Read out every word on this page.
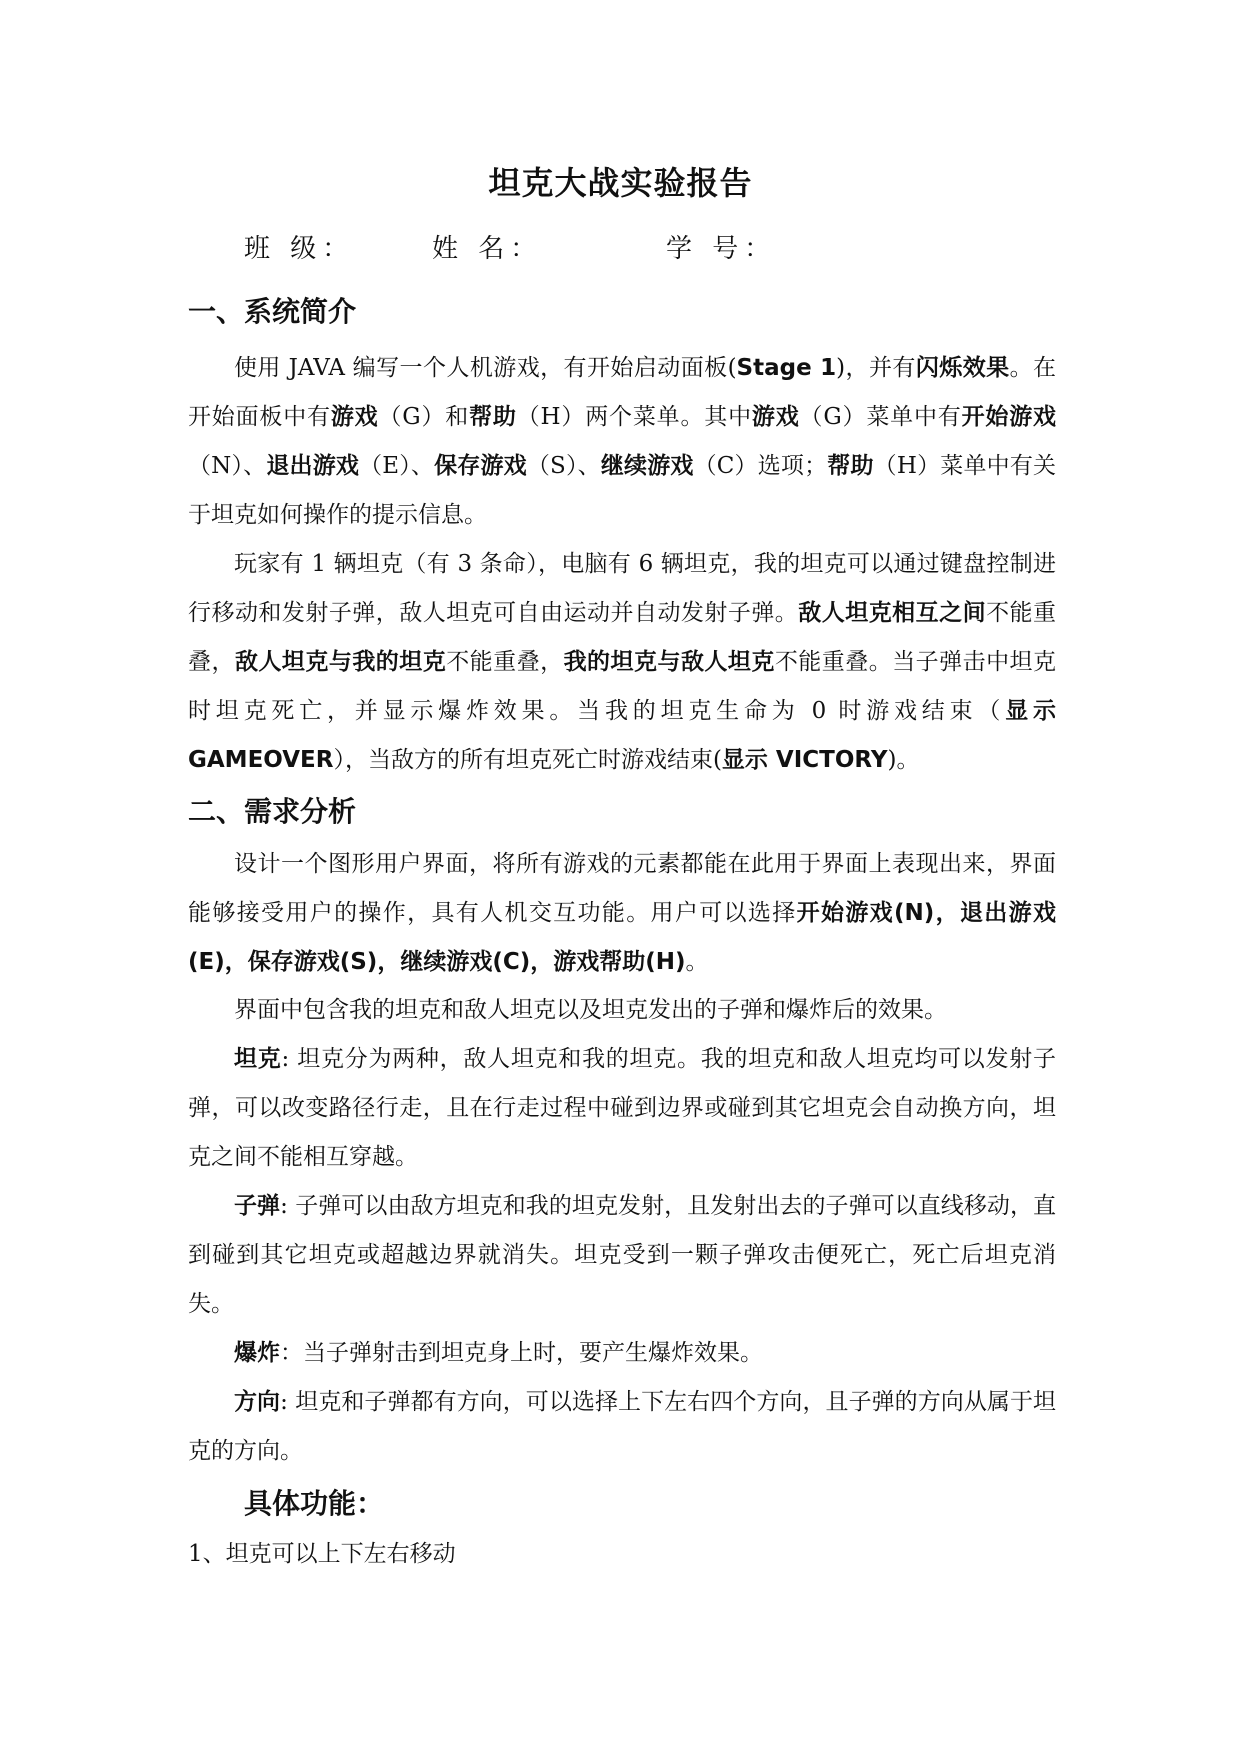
坦克大战实验报告
班 级：	姓 名：	学 号：
一、系统简介

使用 JAVA 编写一个人机游戏，有开始启动面板(Stage 1)，并有闪烁效果。在开始面板中有游戏（G）和帮助（H）两个菜单。其中游戏（G）菜单中有开始游戏（N）、退出游戏（E）、保存游戏（S）、继续游戏（C）选项；帮助（H）菜单中有关于坦克如何操作的提示信息。

玩家有 1 辆坦克（有 3 条命），电脑有 6 辆坦克，我的坦克可以通过键盘控制进行移动和发射子弹，敌人坦克可自由运动并自动发射子弹。敌人坦克相互之间不能重叠，敌人坦克与我的坦克不能重叠，我的坦克与敌人坦克不能重叠。当子弹击中坦克时坦克死亡，并显示爆炸效果。当我的坦克生命为 0 时游戏结束（显示 GAMEOVER），当敌方的所有坦克死亡时游戏结束(显示 VICTORY)。

二、需求分析

设计一个图形用户界面，将所有游戏的元素都能在此用于界面上表现出来，界面能够接受用户的操作，具有人机交互功能。用户可以选择开始游戏(N)，退出游戏(E)，保存游戏(S)，继续游戏(C)，游戏帮助(H)。

界面中包含我的坦克和敌人坦克以及坦克发出的子弹和爆炸后的效果。

坦克: 坦克分为两种，敌人坦克和我的坦克。我的坦克和敌人坦克均可以发射子弹，可以改变路径行走，且在行走过程中碰到边界或碰到其它坦克会自动换方向，坦克之间不能相互穿越。

子弹: 子弹可以由敌方坦克和我的坦克发射，且发射出去的子弹可以直线移动，直到碰到其它坦克或超越边界就消失。坦克受到一颗子弹攻击便死亡，死亡后坦克消失。

爆炸：当子弹射击到坦克身上时，要产生爆炸效果。

方向: 坦克和子弹都有方向，可以选择上下左右四个方向，且子弹的方向从属于坦克的方向。

具体功能：

1、坦克可以上下左右移动
